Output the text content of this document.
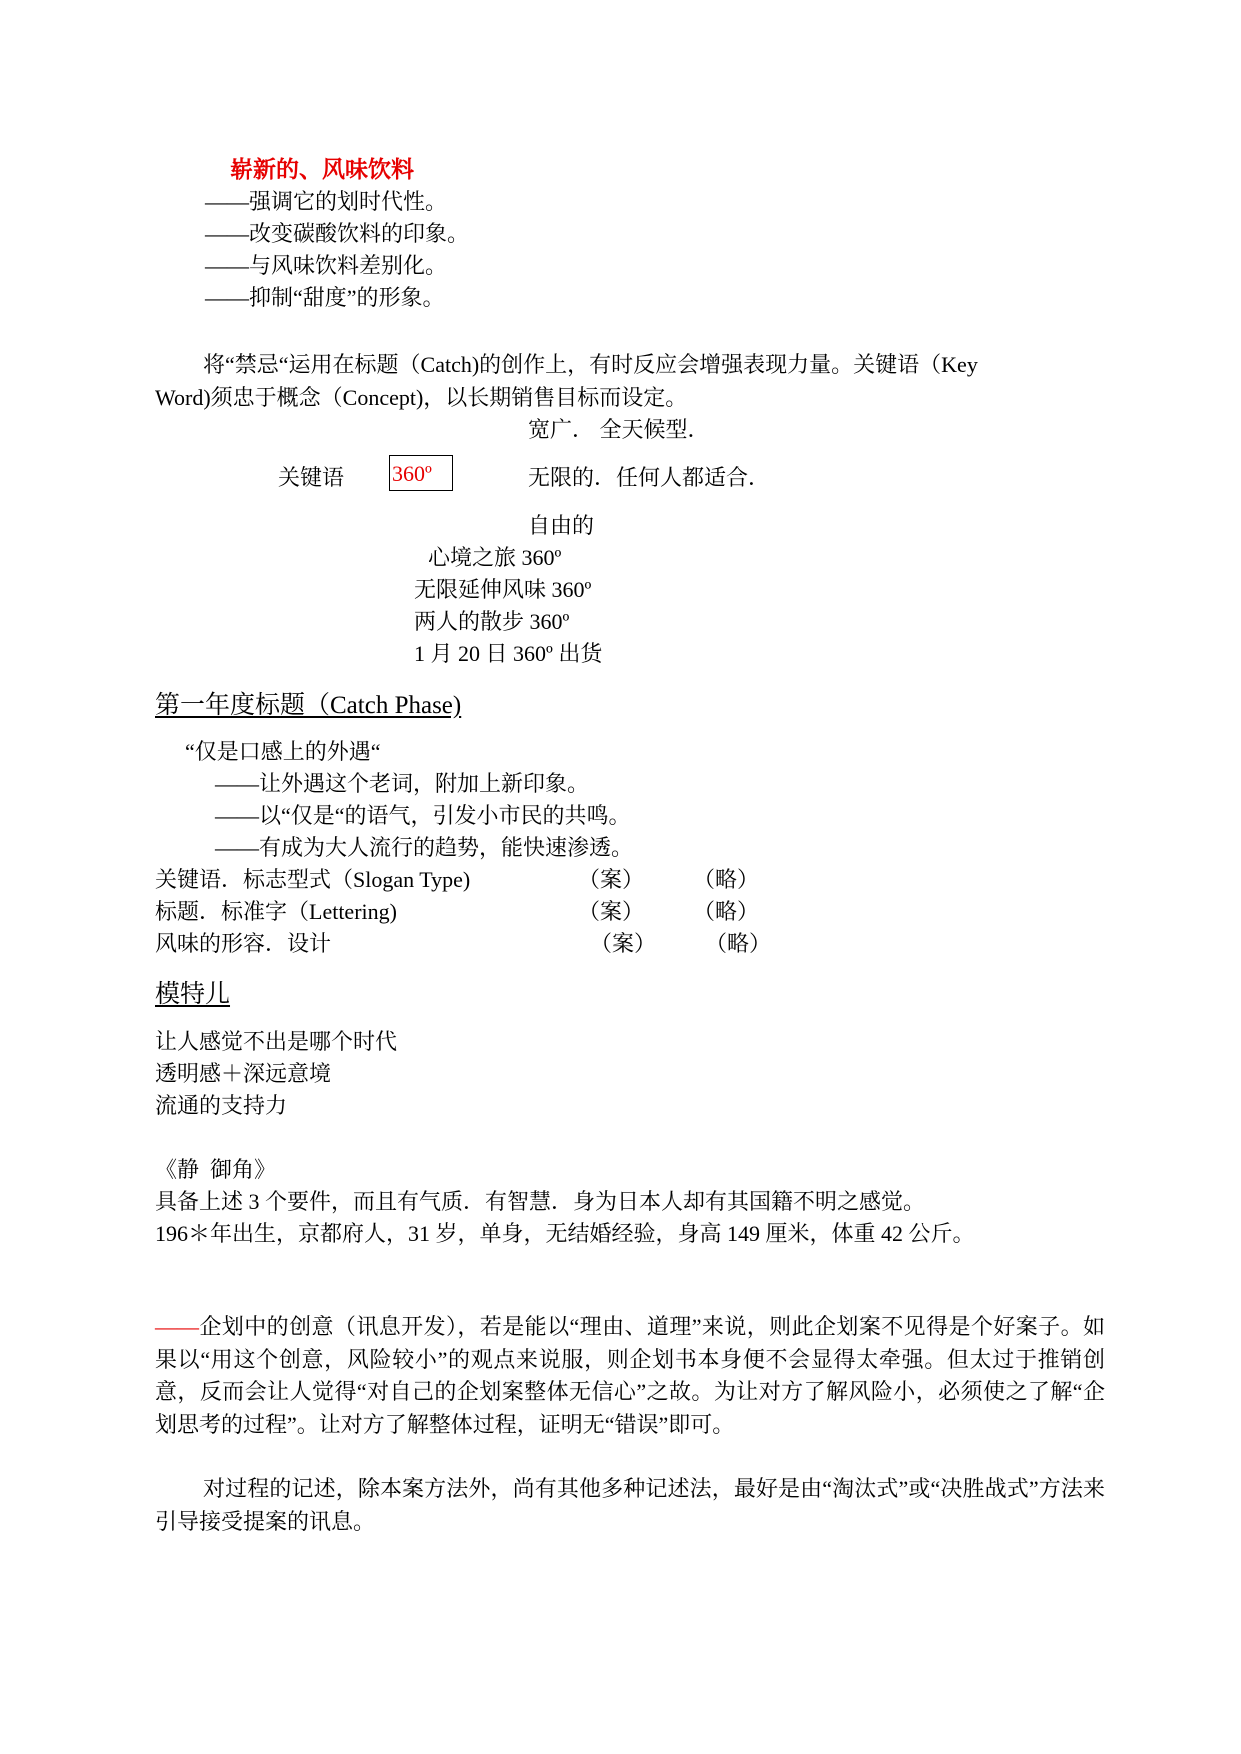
崭新的、风味饮料
——强调它的划时代性。
——改变碳酸饮料的印象。
——与风味饮料差别化。
——抑制“甜度”的形象。
将“禁忌“运用在标题（Catch)的创作上，有时反应会增强表现力量。关键语（Key
Word)须忠于概念（Concept)，以长期销售目标而设定。
宽广． 全天候型．
关键语 360º	无限的．任何人都适合．
自由的
心境之旅 360º
无限延伸风味 360º
两人的散步 360º
1 月 20 日 360º 出货
第一年度标题（Catch Phase)
“仅是口感上的外遇“
——让外遇这个老词，附加上新印象。
——以“仅是“的语气，引发小市民的共鸣。
——有成为大人流行的趋势，能快速渗透。
关键语．标志型式（Slogan Type)	（案） （略）
标题．标准字（Lettering)	（案） （略）
风味的形容．设计	（案） （略）
模特儿
让人感觉不出是哪个时代
透明感＋深远意境
流通的支持力
《静  御角》
具备上述 3 个要件，而且有气质．有智慧．身为日本人却有其国籍不明之感觉。
196＊年出生，京都府人，31 岁，单身，无结婚经验，身高 149 厘米，体重 42 公斤。
——企划中的创意（讯息开发），若是能以“理由、道理”来说，则此企划案不见得是个好案子。如果以“用这个创意，风险较小”的观点来说服，则企划书本身便不会显得太牵强。但太过于推销创意，反而会让人觉得“对自己的企划案整体无信心”之故。为让对方了解风险小，必须使之了解“企划思考的过程”。让对方了解整体过程，证明无“错误”即可。
对过程的记述，除本案方法外，尚有其他多种记述法，最好是由“淘汰式”或“决胜战式”方法来引导接受提案的讯息。
